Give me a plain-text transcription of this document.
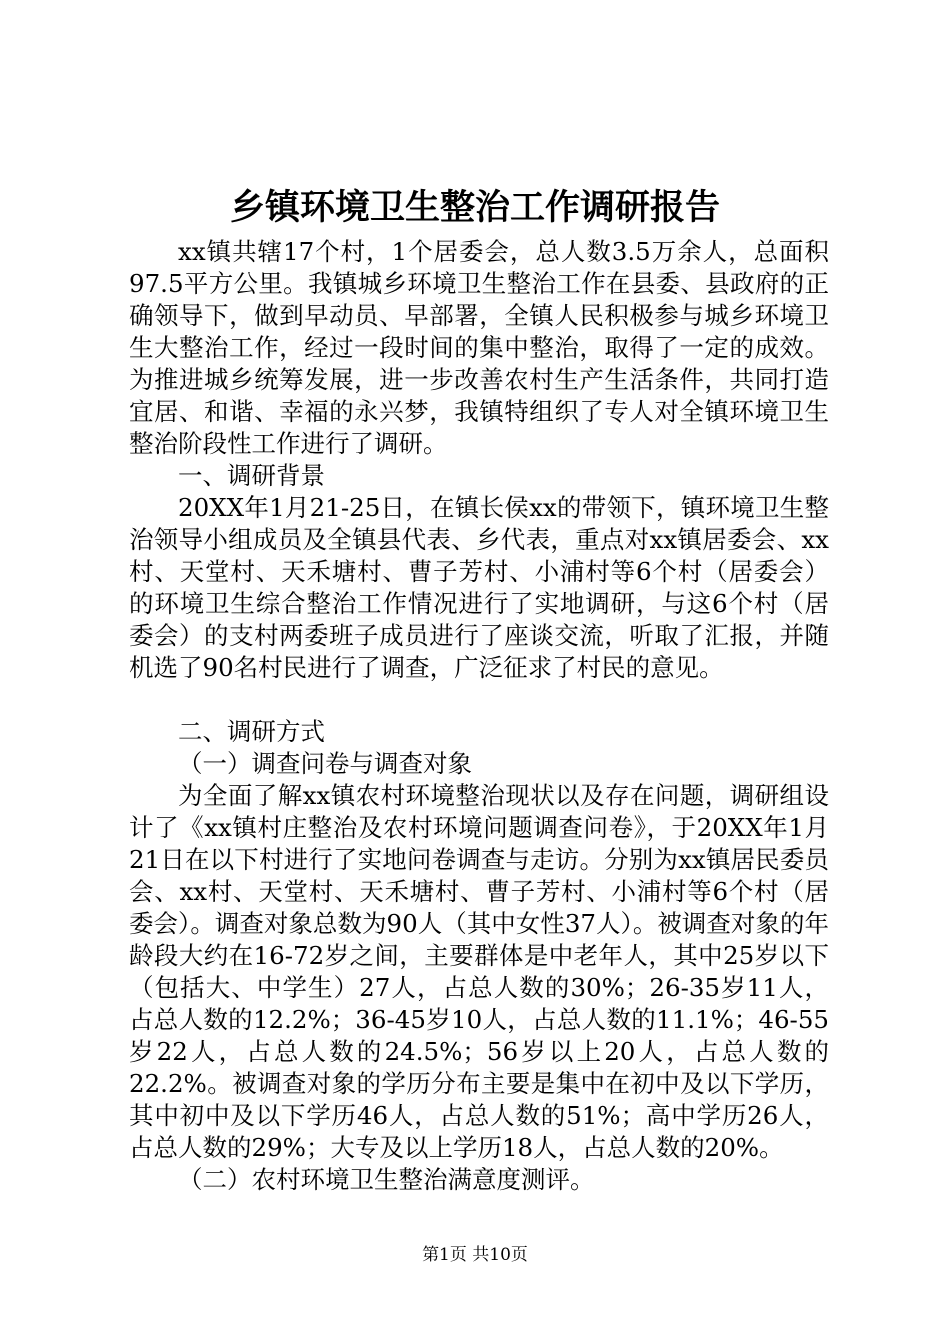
乡镇环境卫生整治工作调研报告

xx镇共辖17个村，1个居委会，总人数3.5万余人，总面积97.5平方公里。我镇城乡环境卫生整治工作在县委、县政府的正确领导下，做到早动员、早部署，全镇人民积极参与城乡环境卫生大整治工作，经过一段时间的集中整治，取得了一定的成效。为推进城乡统筹发展，进一步改善农村生产生活条件，共同打造宜居、和谐、幸福的永兴梦，我镇特组织了专人对全镇环境卫生整治阶段性工作进行了调研。

一、调研背景

20XX年1月21-25日，在镇长侯xx的带领下，镇环境卫生整治领导小组成员及全镇县代表、乡代表，重点对xx镇居委会、xx村、天堂村、天禾塘村、曹子芳村、小浦村等6个村（居委会）的环境卫生综合整治工作情况进行了实地调研，与这6个村（居委会）的支村两委班子成员进行了座谈交流，听取了汇报，并随机选了90名村民进行了调查，广泛征求了村民的意见。

二、调研方式

（一）调查问卷与调查对象

为全面了解xx镇农村环境整治现状以及存在问题，调研组设计了《xx镇村庄整治及农村环境问题调查问卷》，于20XX年1月21日在以下村进行了实地问卷调查与走访。分别为xx镇居民委员会、xx村、天堂村、天禾塘村、曹子芳村、小浦村等6个村（居委会）。调查对象总数为90人（其中女性37人）。被调查对象的年龄段大约在16-72岁之间，主要群体是中老年人，其中25岁以下（包括大、中学生）27人，占总人数的30%；26-35岁11人，占总人数的12.2%；36-45岁10人，占总人数的11.1%；46-55岁22人，占总人数的24.5%；56岁以上20人，占总人数的22.2%。被调查对象的学历分布主要是集中在初中及以下学历，其中初中及以下学历46人，占总人数的51%；高中学历26人，占总人数的29%；大专及以上学历18人，占总人数的20%。

（二）农村环境卫生整治满意度测评。

第1页 共10页
